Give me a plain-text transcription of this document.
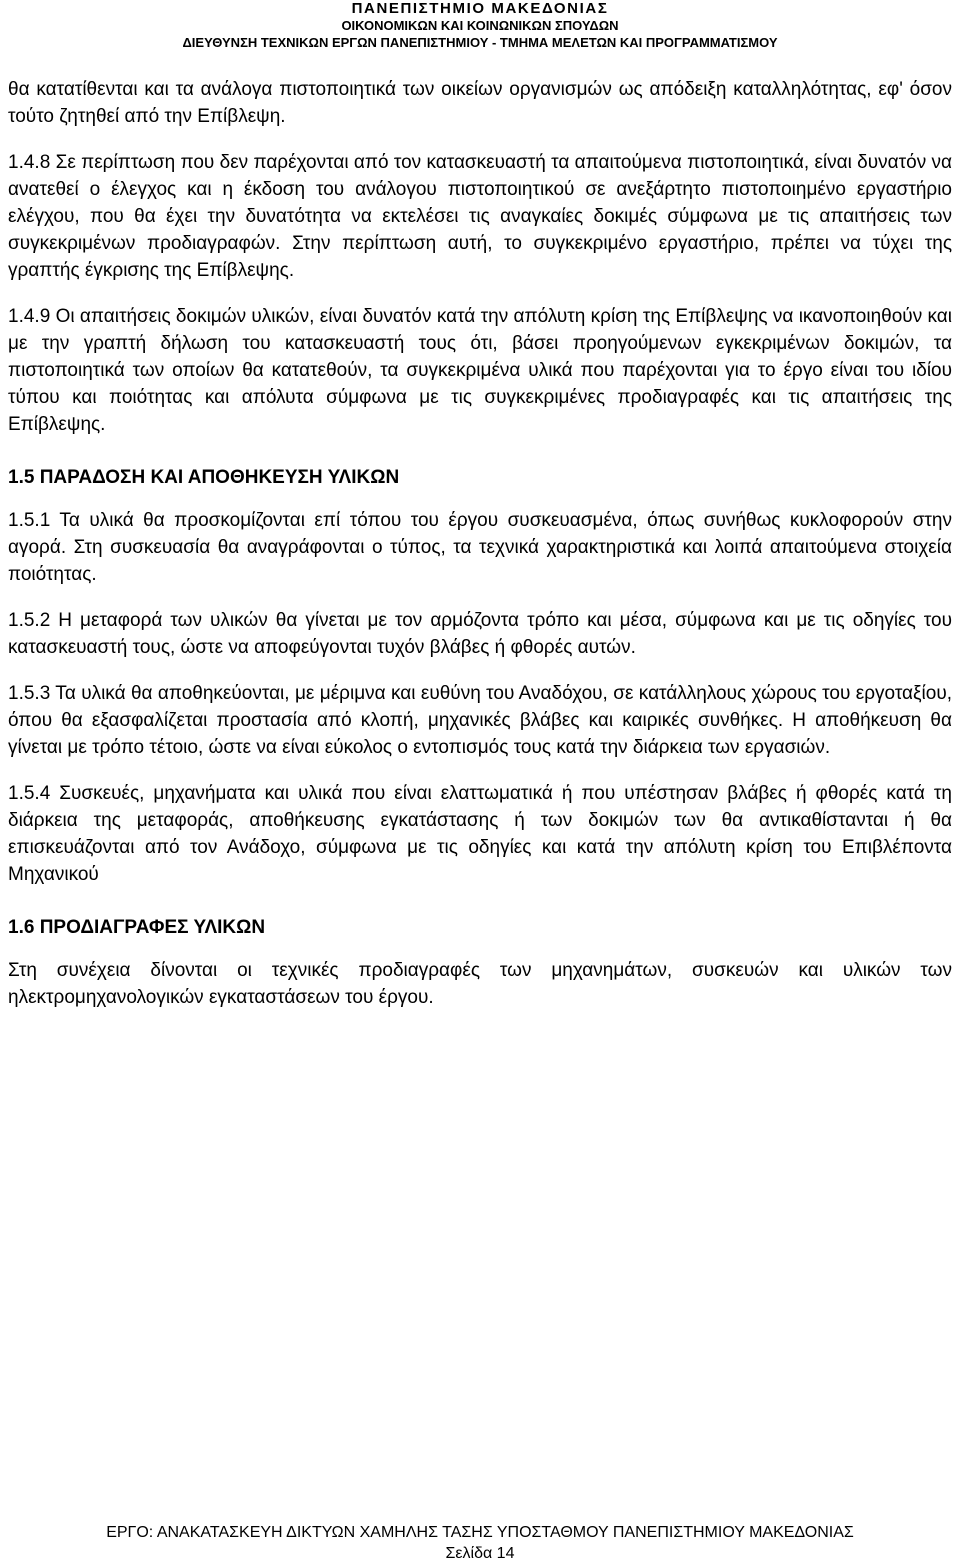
ΠΑΝΕΠΙΣΤΗΜΙΟ ΜΑΚΕΔΟΝΙΑΣ
ΟΙΚΟΝΟΜΙΚΩΝ ΚΑΙ ΚΟΙΝΩΝΙΚΩΝ ΣΠΟΥΔΩΝ
ΔΙΕΥΘΥΝΣΗ ΤΕΧΝΙΚΩΝ ΕΡΓΩΝ ΠΑΝΕΠΙΣΤΗΜΙΟΥ - ΤΜΗΜΑ ΜΕΛΕΤΩΝ ΚΑΙ ΠΡΟΓΡΑΜΜΑΤΙΣΜΟΥ

θα κατατίθενται και τα ανάλογα πιστοποιητικά των οικείων οργανισμών ως απόδειξη καταλληλότητας, εφ' όσον τούτο ζητηθεί από την Επίβλεψη.

1.4.8 Σε περίπτωση που δεν παρέχονται από τον κατασκευαστή τα απαιτούμενα πιστοποιητικά, είναι δυνατόν να ανατεθεί ο έλεγχος και η έκδοση του ανάλογου πιστοποιητικού σε ανεξάρτητο πιστοποιημένο εργαστήριο ελέγχου, που θα έχει την δυνατότητα να εκτελέσει τις αναγκαίες δοκιμές σύμφωνα με τις απαιτήσεις των συγκεκριμένων προδιαγραφών. Στην περίπτωση αυτή, το συγκεκριμένο εργαστήριο, πρέπει να τύχει της γραπτής έγκρισης της Επίβλεψης.

1.4.9 Οι απαιτήσεις δοκιμών υλικών, είναι δυνατόν κατά την απόλυτη κρίση της Επίβλεψης να ικανοποιηθούν και με την γραπτή δήλωση του κατασκευαστή τους ότι, βάσει προηγούμενων εγκεκριμένων δοκιμών, τα πιστοποιητικά των οποίων θα κατατεθούν, τα συγκεκριμένα υλικά που παρέχονται για το έργο είναι του ιδίου τύπου και ποιότητας και απόλυτα σύμφωνα με τις συγκεκριμένες προδιαγραφές και τις απαιτήσεις της Επίβλεψης.

1.5 ΠΑΡΑΔΟΣΗ ΚΑΙ ΑΠΟΘΗΚΕΥΣΗ ΥΛΙΚΩΝ

1.5.1 Τα υλικά θα προσκομίζονται επί τόπου του έργου συσκευασμένα, όπως συνήθως κυκλοφορούν στην αγορά. Στη συσκευασία θα αναγράφονται ο τύπος, τα τεχνικά χαρακτηριστικά και λοιπά απαιτούμενα στοιχεία ποιότητας.

1.5.2 Η μεταφορά των υλικών θα γίνεται με τον αρμόζοντα τρόπο και μέσα, σύμφωνα και με τις οδηγίες του κατασκευαστή τους, ώστε να αποφεύγονται τυχόν βλάβες ή φθορές αυτών.

1.5.3 Τα υλικά θα αποθηκεύονται, με μέριμνα και ευθύνη του Αναδόχου, σε κατάλληλους χώρους του εργοταξίου, όπου θα εξασφαλίζεται προστασία από κλοπή, μηχανικές βλάβες και καιρικές συνθήκες. Η αποθήκευση θα γίνεται με τρόπο τέτοιο, ώστε να είναι εύκολος ο εντοπισμός τους κατά την διάρκεια των εργασιών.

1.5.4 Συσκευές, μηχανήματα και υλικά που είναι ελαττωματικά ή που υπέστησαν βλάβες ή φθορές κατά τη διάρκεια της μεταφοράς, αποθήκευσης εγκατάστασης ή των δοκιμών των θα αντικαθίστανται ή θα επισκευάζονται από τον Ανάδοχο, σύμφωνα με τις οδηγίες και κατά την απόλυτη κρίση του Επιβλέποντα Μηχανικού

1.6 ΠΡΟΔΙΑΓΡΑΦΕΣ ΥΛΙΚΩΝ

Στη συνέχεια δίνονται οι τεχνικές προδιαγραφές των μηχανημάτων, συσκευών και υλικών των ηλεκτρομηχανολογικών εγκαταστάσεων του έργου.

ΕΡΓΟ: ΑΝΑΚΑΤΑΣΚΕΥΗ ΔΙΚΤΥΩΝ ΧΑΜΗΛΗΣ ΤΑΣΗΣ ΥΠΟΣΤΑΘΜΟΥ ΠΑΝΕΠΙΣΤΗΜΙΟΥ ΜΑΚΕΔΟΝΙΑΣ
Σελίδα 14
